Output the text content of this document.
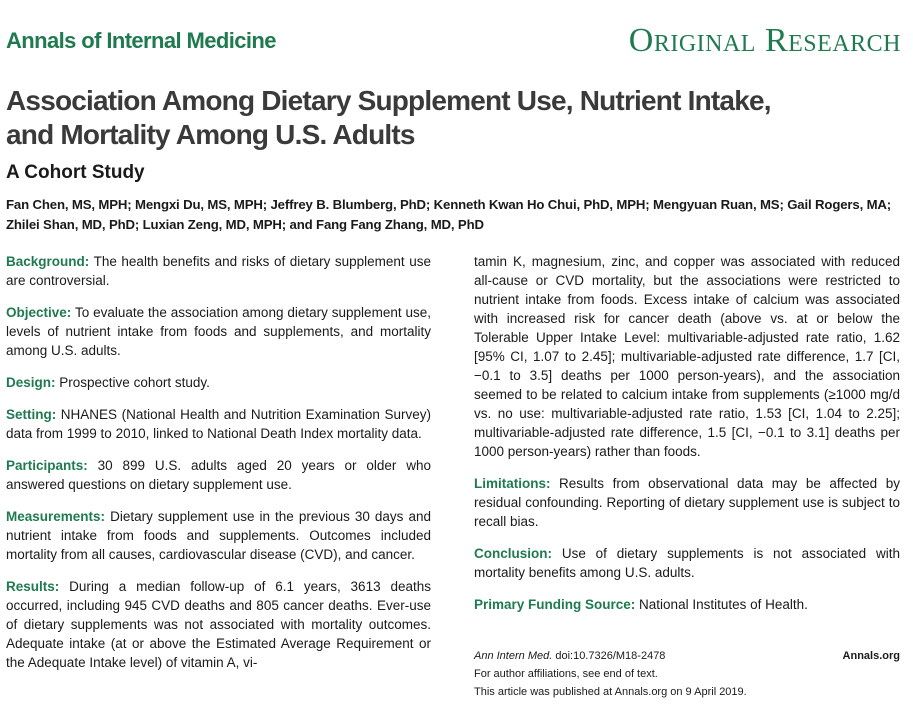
Annals of Internal Medicine	Original Research
Association Among Dietary Supplement Use, Nutrient Intake,
and Mortality Among U.S. Adults
A Cohort Study
Fan Chen, MS, MPH; Mengxi Du, MS, MPH; Jeffrey B. Blumberg, PhD; Kenneth Kwan Ho Chui, PhD, MPH; Mengyuan Ruan, MS; Gail Rogers, MA; Zhilei Shan, MD, PhD; Luxian Zeng, MD, MPH; and Fang Fang Zhang, MD, PhD

Background: The health benefits and risks of dietary supplement use are controversial.

Objective: To evaluate the association among dietary supplement use, levels of nutrient intake from foods and supplements, and mortality among U.S. adults.

Design: Prospective cohort study.

Setting: NHANES (National Health and Nutrition Examination Survey) data from 1999 to 2010, linked to National Death Index mortality data.

Participants: 30 899 U.S. adults aged 20 years or older who answered questions on dietary supplement use.

Measurements: Dietary supplement use in the previous 30 days and nutrient intake from foods and supplements. Outcomes included mortality from all causes, cardiovascular disease (CVD), and cancer.

Results: During a median follow-up of 6.1 years, 3613 deaths occurred, including 945 CVD deaths and 805 cancer deaths. Ever-use of dietary supplements was not associated with mortality outcomes. Adequate intake (at or above the Estimated Average Requirement or the Adequate Intake level) of vitamin A, vi-

tamin K, magnesium, zinc, and copper was associated with reduced all-cause or CVD mortality, but the associations were restricted to nutrient intake from foods. Excess intake of calcium was associated with increased risk for cancer death (above vs. at or below the Tolerable Upper Intake Level: multivariable-adjusted rate ratio, 1.62 [95% CI, 1.07 to 2.45]; multivariable-adjusted rate difference, 1.7 [CI, −0.1 to 3.5] deaths per 1000 person-years), and the association seemed to be related to calcium intake from supplements (≥1000 mg/d vs. no use: multivariable-adjusted rate ratio, 1.53 [CI, 1.04 to 2.25]; multivariable-adjusted rate difference, 1.5 [CI, −0.1 to 3.1] deaths per 1000 person-years) rather than foods.

Limitations: Results from observational data may be affected by residual confounding. Reporting of dietary supplement use is subject to recall bias.

Conclusion: Use of dietary supplements is not associated with mortality benefits among U.S. adults.

Primary Funding Source: National Institutes of Health.

Ann Intern Med. doi:10.7326/M18-2478	Annals.org
For author affiliations, see end of text.
This article was published at Annals.org on 9 April 2019.
